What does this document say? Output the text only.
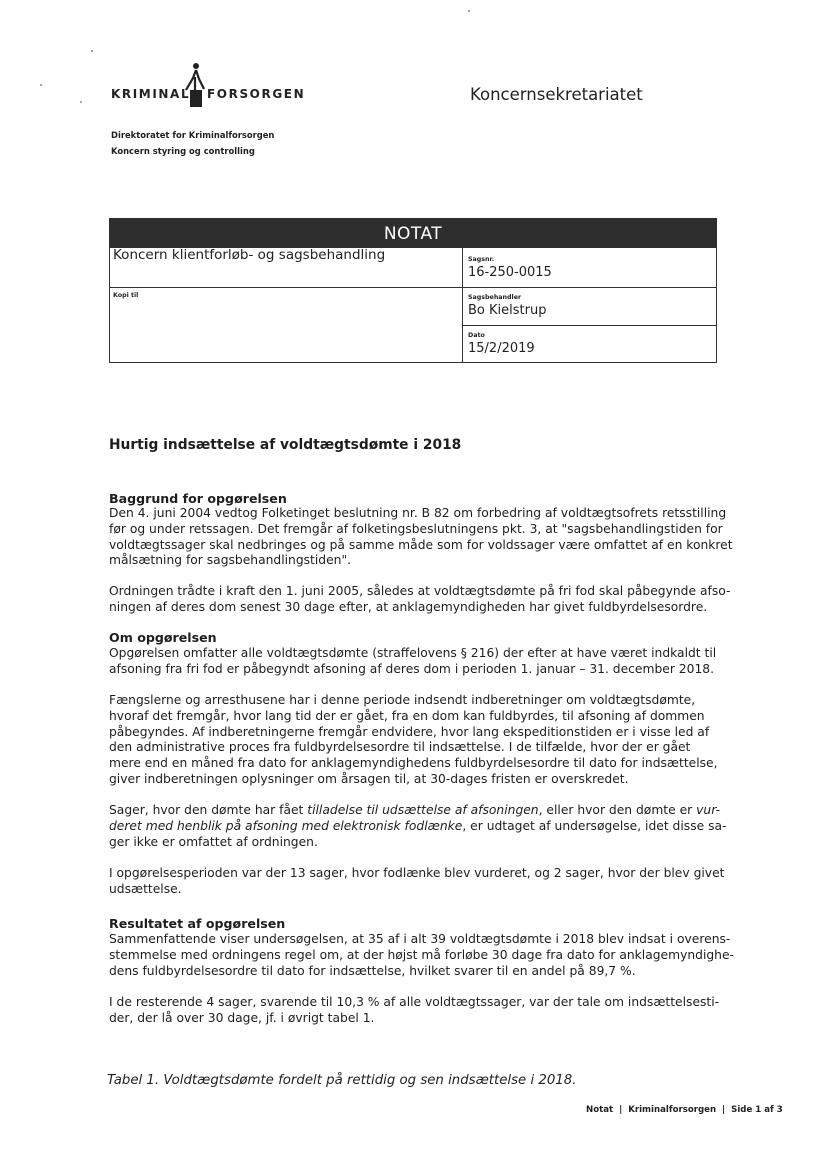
KRIMINAL FORSORGEN	Koncernsekretariatet
Direktoratet for Kriminalforsorgen
Koncern styring og controlling
NOTAT
Koncern klientforløb- og sagsbehandling
Kopi til
Sagsnr.
16-250-0015
Sagsbehandler
Bo Kielstrup
Dato
15/2/2019
Hurtig indsættelse af voldtægtsdømte i 2018
Baggrund for opgørelsen
Den 4. juni 2004 vedtog Folketinget beslutning nr. B 82 om forbedring af voldtægtsofrets retsstilling
før og under retssagen. Det fremgår af folketingsbeslutningens pkt. 3, at "sagsbehandlingstiden for
voldtægtssager skal nedbringes og på samme måde som for voldssager være omfattet af en konkret
målsætning for sagsbehandlingstiden".
Ordningen trådte i kraft den 1. juni 2005, således at voldtægtsdømte på fri fod skal påbegynde afso-
ningen af deres dom senest 30 dage efter, at anklagemyndigheden har givet fuldbyrdelsesordre.
Om opgørelsen
Opgørelsen omfatter alle voldtægtsdømte (straffelovens § 216) der efter at have været indkaldt til
afsoning fra fri fod er påbegyndt afsoning af deres dom i perioden 1. januar – 31. december 2018.
Fængslerne og arresthusene har i denne periode indsendt indberetninger om voldtægtsdømte,
hvoraf det fremgår, hvor lang tid der er gået, fra en dom kan fuldbyrdes, til afsoning af dommen
påbegyndes. Af indberetningerne fremgår endvidere, hvor lang ekspeditionstiden er i visse led af
den administrative proces fra fuldbyrdelsesordre til indsættelse. I de tilfælde, hvor der er gået
mere end en måned fra dato for anklagemyndighedens fuldbyrdelsesordre til dato for indsættelse,
giver indberetningen oplysninger om årsagen til, at 30-dages fristen er overskredet.
Sager, hvor den dømte har fået tilladelse til udsættelse af afsoningen, eller hvor den dømte er vur-
deret med henblik på afsoning med elektronisk fodlænke, er udtaget af undersøgelse, idet disse sa-
ger ikke er omfattet af ordningen.
I opgørelsesperioden var der 13 sager, hvor fodlænke blev vurderet, og 2 sager, hvor der blev givet
udsættelse.
Resultatet af opgørelsen
Sammenfattende viser undersøgelsen, at 35 af i alt 39 voldtægtsdømte i 2018 blev indsat i overens-
stemmelse med ordningens regel om, at der højst må forløbe 30 dage fra dato for anklagemyndighe-
dens fuldbyrdelsesordre til dato for indsættelse, hvilket svarer til en andel på 89,7 %.
I de resterende 4 sager, svarende til 10,3 % af alle voldtægtssager, var der tale om indsættelsesti-
der, der lå over 30 dage, jf. i øvrigt tabel 1.
Tabel 1. Voldtægtsdømte fordelt på rettidig og sen indsættelse i 2018.
Notat  |  Kriminalforsorgen  |  Side 1 af 3
